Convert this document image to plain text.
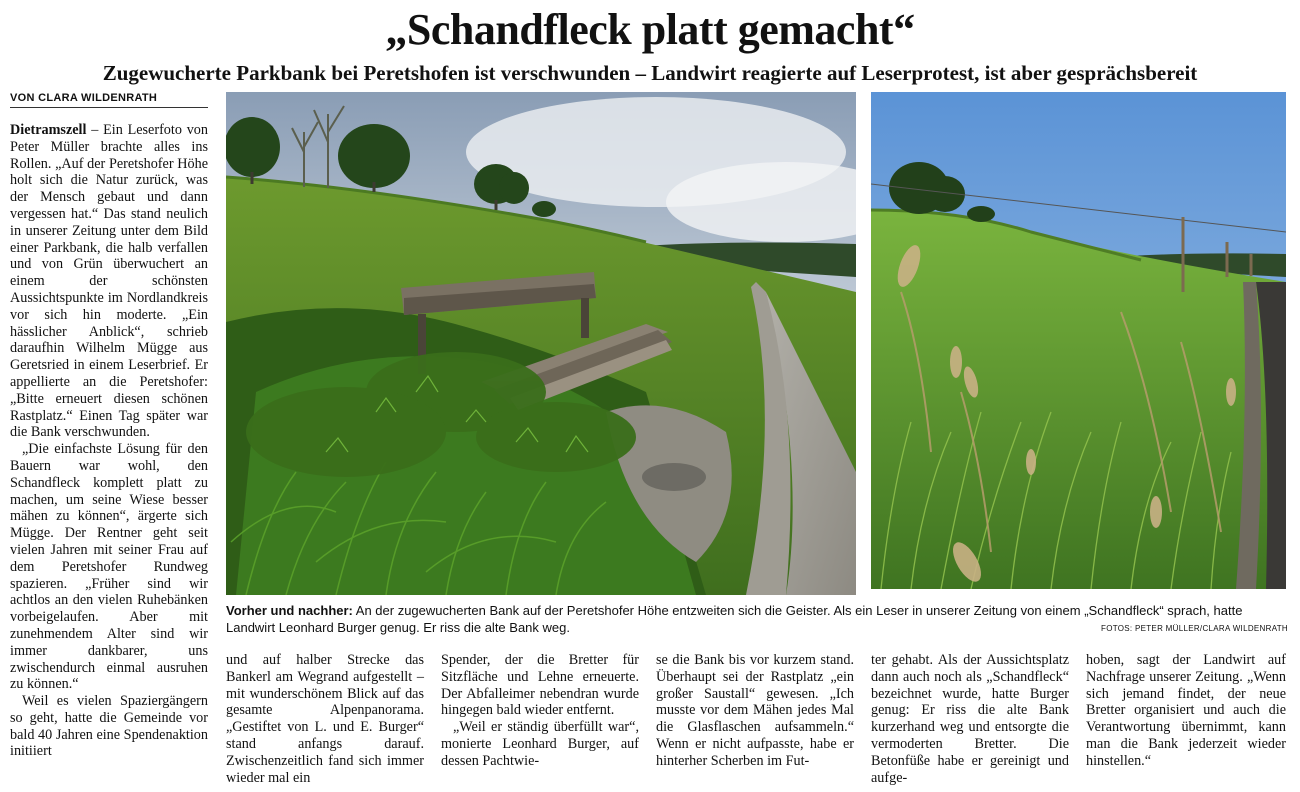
„Schandfleck platt gemacht“
Zugewucherte Parkbank bei Peretshofen ist verschwunden – Landwirt reagierte auf Leserprotest, ist aber gesprächsbereit
VON CLARA WILDENRATH

Dietramszell – Ein Leserfoto von Peter Müller brachte alles ins Rollen. „Auf der Peretshofer Höhe holt sich die Natur zurück, was der Mensch gebaut und dann vergessen hat.“ Das stand neulich in unserer Zeitung unter dem Bild einer Parkbank, die halb verfallen und von Grün überwuchert an einem der schönsten Aussichtspunkte im Nordlandkreis vor sich hin moderte. „Ein hässlicher Anblick“, schrieb daraufhin Wilhelm Mügge aus Geretsried in einem Leserbrief. Er appellierte an die Peretshofer: „Bitte erneuert diesen schönen Rastplatz.“ Einen Tag später war die Bank verschwunden.

„Die einfachste Lösung für den Bauern war wohl, den Schandfleck komplett platt zu machen, um seine Wiese besser mähen zu können“, ärgerte sich Mügge. Der Rentner geht seit vielen Jahren mit seiner Frau auf dem Peretshofer Rundweg spazieren. „Früher sind wir achtlos an den vielen Ruhebänken vorbeigelaufen. Aber mit zunehmendem Alter sind wir immer dankbarer, uns zwischendurch einmal ausruhen zu können.“

Weil es vielen Spaziergängern so geht, hatte die Gemeinde vor bald 40 Jahren eine Spendenaktion initiiert

Vorher und nachher: An der zugewucherten Bank auf der Peretshofer Höhe entzweiten sich die Geister. Als ein Leser in unserer Zeitung von einem „Schandfleck“ sprach, hatte Landwirt Leonhard Burger genug. Er riss die alte Bank weg.	FOTOS: PETER MÜLLER/CLARA WILDENRATH

und auf halber Strecke das Bankerl am Wegrand aufgestellt – mit wunderschönem Blick auf das gesamte Alpenpanorama. „Gestiftet von L. und E. Burger“ stand anfangs darauf. Zwischenzeitlich fand sich immer wieder mal ein

Spender, der die Bretter für Sitzfläche und Lehne erneuerte. Der Abfalleimer nebendran wurde hingegen bald wieder entfernt.

„Weil er ständig überfüllt war“, monierte Leonhard Burger, auf dessen Pachtwie-

se die Bank bis vor kurzem stand. Überhaupt sei der Rastplatz „ein großer Saustall“ gewesen. „Ich musste vor dem Mähen jedes Mal die Glasflaschen aufsammeln.“ Wenn er nicht aufpasste, habe er hinterher Scherben im Fut-

ter gehabt. Als der Aussichtsplatz dann auch noch als „Schandfleck“ bezeichnet wurde, hatte Burger genug: Er riss die alte Bank kurzerhand weg und entsorgte die vermoderten Bretter. Die Betonfüße habe er gereinigt und aufge-

hoben, sagt der Landwirt auf Nachfrage unserer Zeitung. „Wenn sich jemand findet, der neue Bretter organisiert und auch die Verantwortung übernimmt, kann man die Bank jederzeit wieder hinstellen.“
